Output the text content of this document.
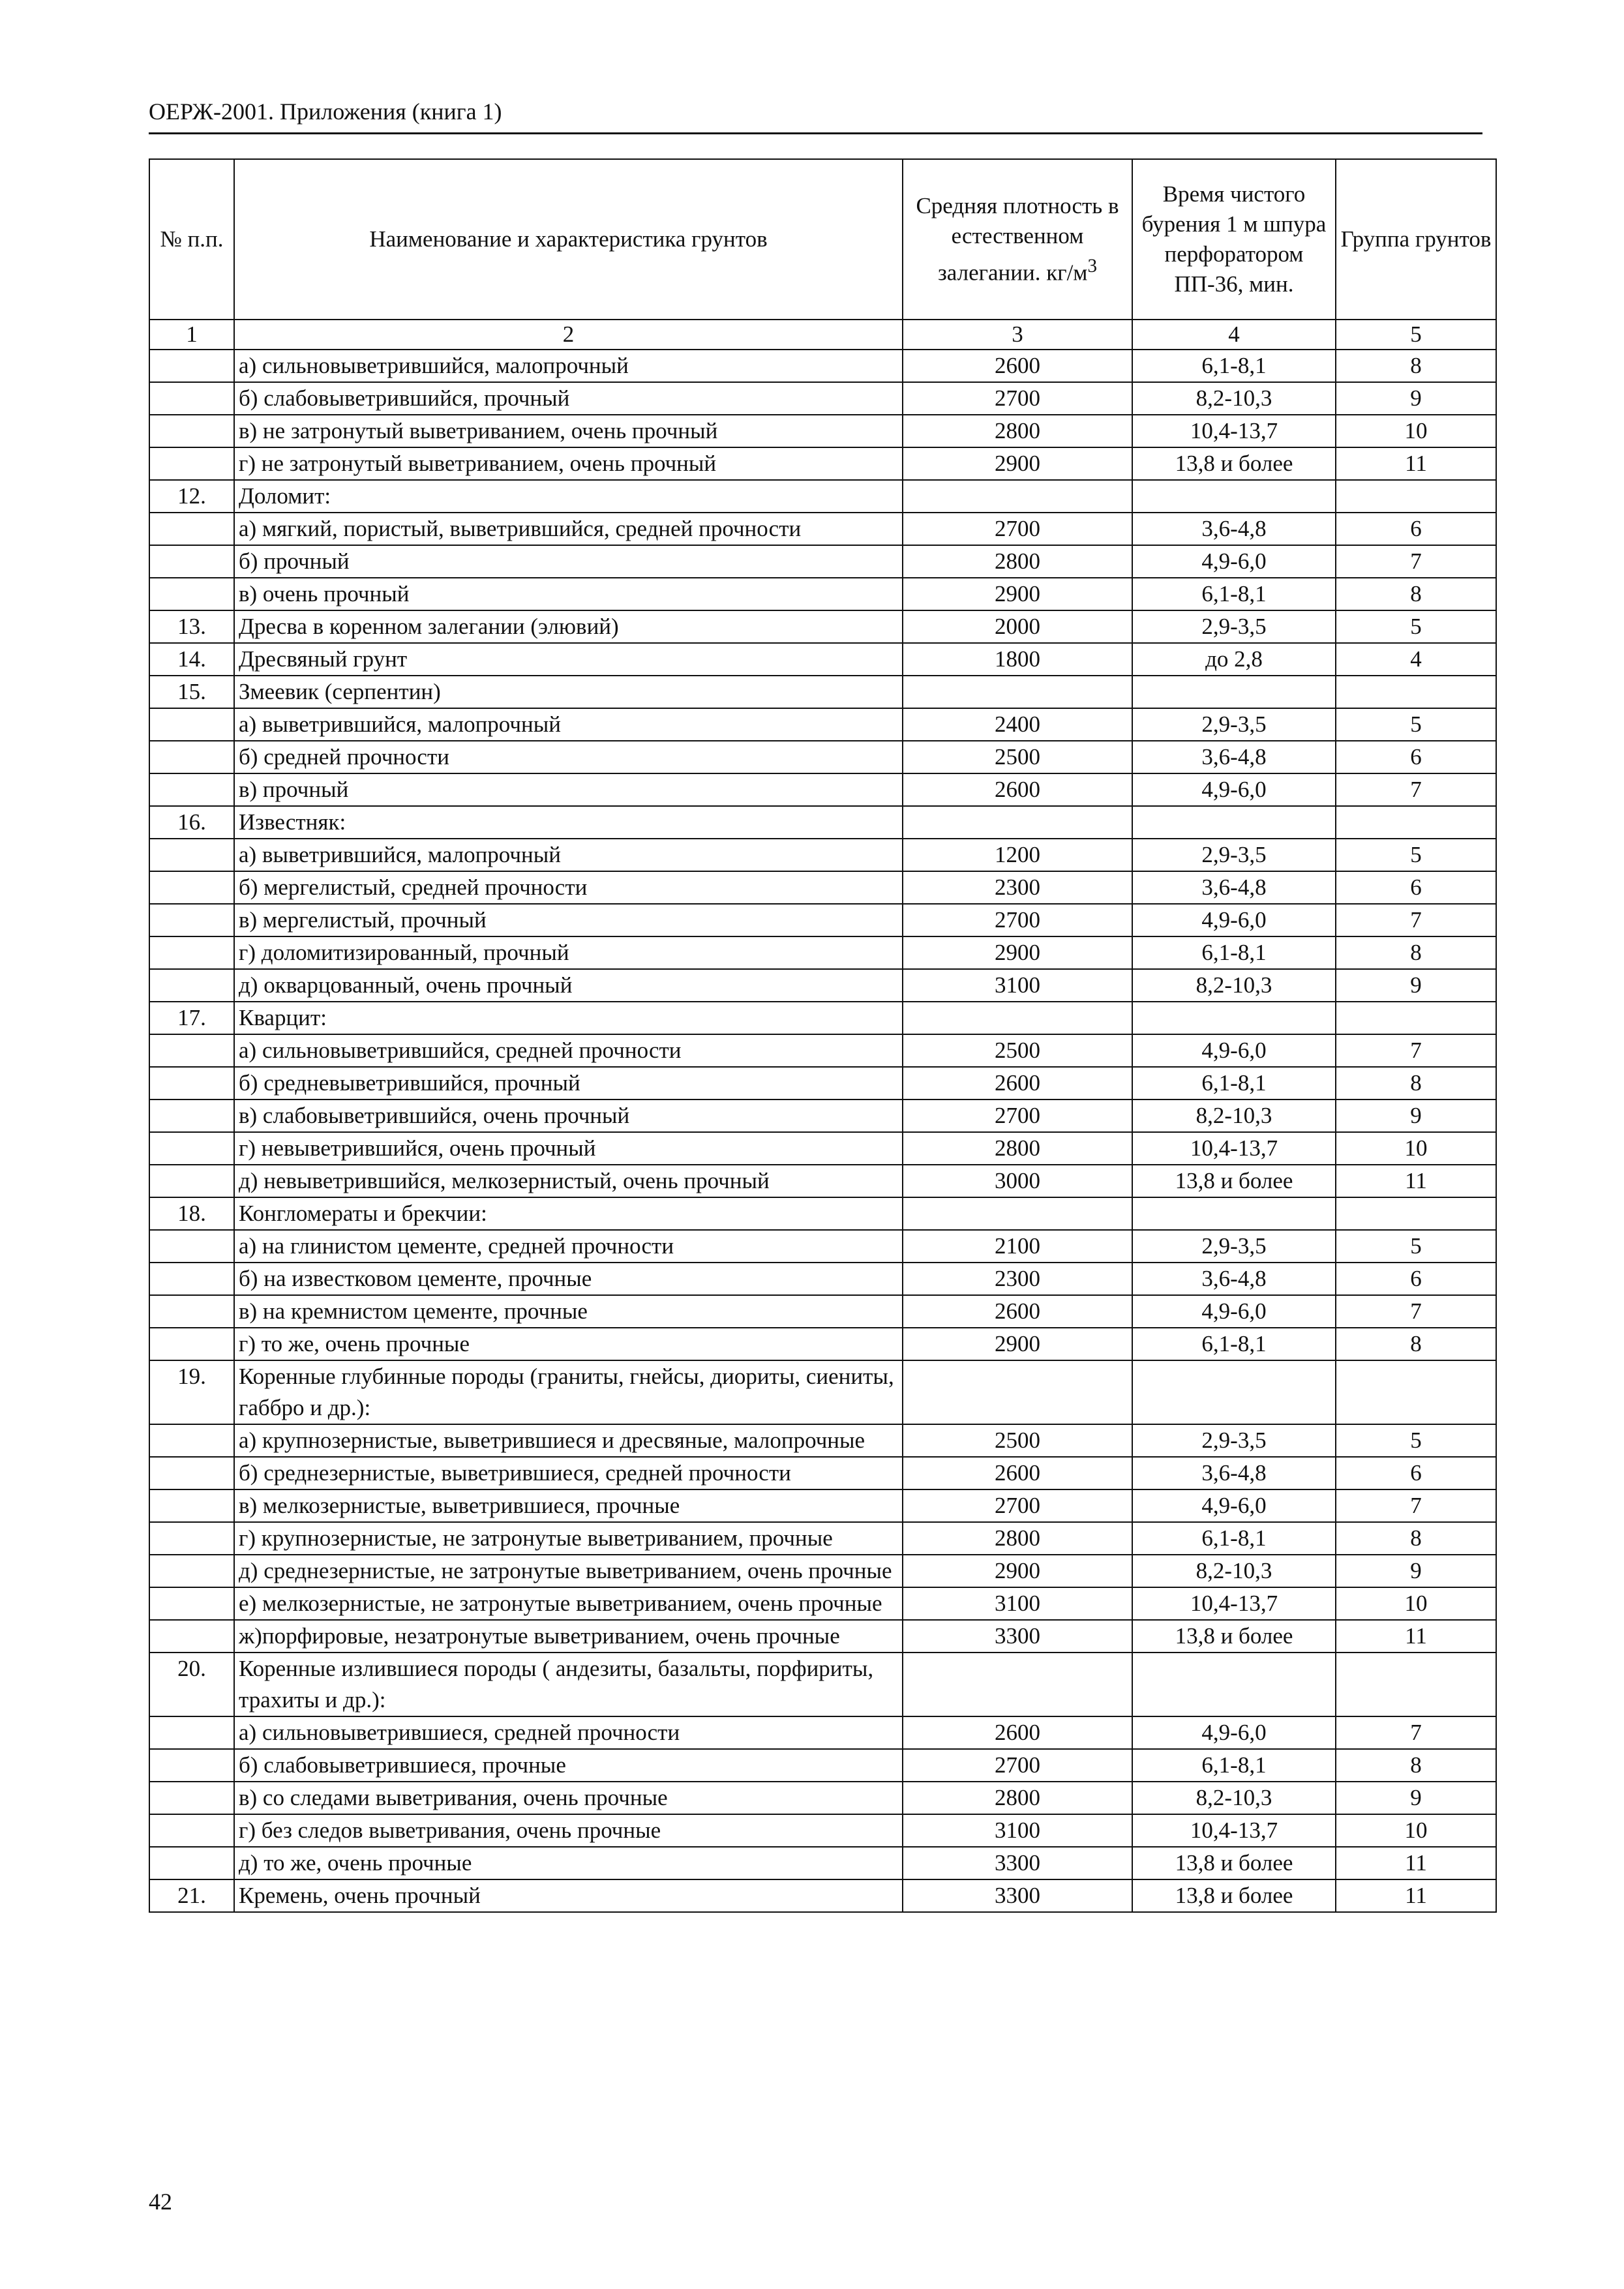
ОЕРЖ-2001. Приложения (книга 1)
№ п.п.	Наименование и характеристика грунтов	Средняя плотность в естественном залегании. $кг/м^3$	Время чистого бурения 1 м шпура перфоратором ПП-36, мин.	Группа грунтов
1	2	3	4	5
	а) сильновыветрившийся, малопрочный	2600	6,1-8,1	8
	б) слабовыветрившийся, прочный	2700	8,2-10,3	9
	в) не затронутый выветриванием, очень прочный	2800	10,4-13,7	10
	г) не затронутый выветриванием, очень прочный	2900	13,8 и более	11
12.	Доломит:			
	а) мягкий, пористый, выветрившийся, средней прочности	2700	3,6-4,8	6
	б) прочный	2800	4,9-6,0	7
	в) очень прочный	2900	6,1-8,1	8
13.	Дресва в коренном залегании (элювий)	2000	2,9-3,5	5
14.	Дресвяный грунт	1800	до 2,8	4
15.	Змеевик (серпентин)			
	а) выветрившийся, малопрочный	2400	2,9-3,5	5
	б) средней прочности	2500	3,6-4,8	6
	в) прочный	2600	4,9-6,0	7
16.	Известняк:			
	а) выветрившийся, малопрочный	1200	2,9-3,5	5
	б) мергелистый, средней прочности	2300	3,6-4,8	6
	в) мергелистый, прочный	2700	4,9-6,0	7
	г) доломитизированный, прочный	2900	6,1-8,1	8
	д) окварцованный, очень прочный	3100	8,2-10,3	9
17.	Кварцит:			
	а) сильновыветрившийся, средней прочности	2500	4,9-6,0	7
	б) средневыветрившийся, прочный	2600	6,1-8,1	8
	в) слабовыветрившийся, очень прочный	2700	8,2-10,3	9
	г) невыветрившийся, очень прочный	2800	10,4-13,7	10
	д) невыветрившийся, мелкозернистый, очень прочный	3000	13,8 и более	11
18.	Конгломераты и брекчии:			
	а) на глинистом цементе, средней прочности	2100	2,9-3,5	5
	б) на известковом цементе, прочные	2300	3,6-4,8	6
	в) на кремнистом цементе, прочные	2600	4,9-6,0	7
	г) то же, очень прочные	2900	6,1-8,1	8
19.	Коренные глубинные породы (граниты, гнейсы, диориты, сиениты, габбро и др.):			
	а) крупнозернистые, выветрившиеся и дресвяные, малопрочные	2500	2,9-3,5	5
	б) среднезернистые, выветрившиеся, средней прочности	2600	3,6-4,8	6
	в) мелкозернистые, выветрившиеся, прочные	2700	4,9-6,0	7
	г) крупнозернистые, не затронутые выветриванием, прочные	2800	6,1-8,1	8
	д) среднезернистые, не затронутые выветриванием, очень прочные	2900	8,2-10,3	9
	е) мелкозернистые, не затронутые выветриванием, очень прочные	3100	10,4-13,7	10
	ж)порфировые, незатронутые выветриванием, очень прочные	3300	13,8 и более	11
20.	Коренные излившиеся породы ( андезиты, базальты, порфириты, трахиты и др.):			
	а) сильновыветрившиеся, средней прочности	2600	4,9-6,0	7
	б) слабовыветрившиеся, прочные	2700	6,1-8,1	8
	в) со следами выветривания, очень прочные	2800	8,2-10,3	9
	г) без следов выветривания, очень прочные	3100	10,4-13,7	10
	д) то же, очень прочные	3300	13,8 и более	11
21.	Кремень, очень прочный	3300	13,8 и более	11
42
